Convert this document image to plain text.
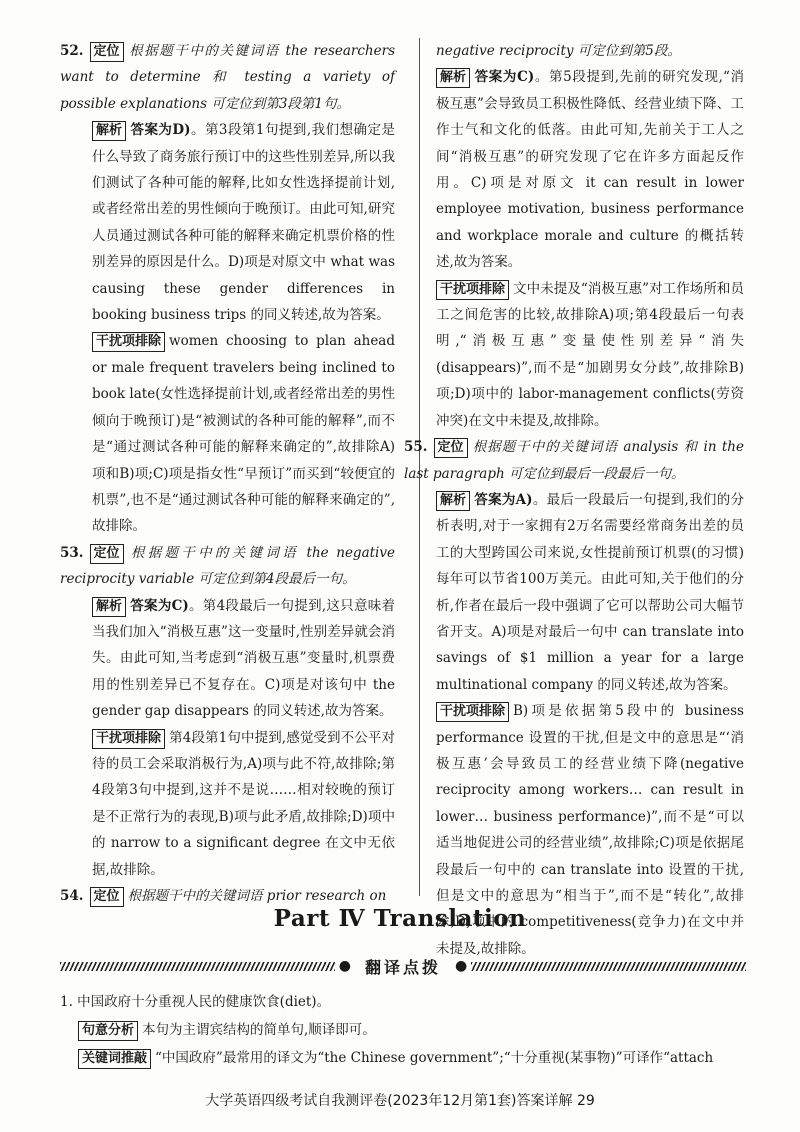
52. 定位 根据题干中的关键词语 the researchers want to determine 和 testing a variety of possible explanations 可定位到第3段第1句。

解析 答案为D)。第3段第1句提到,我们想确定是什么导致了商务旅行预订中的这些性别差异,所以我们测试了各种可能的解释,比如女性选择提前计划,或者经常出差的男性倾向于晚预订。由此可知,研究人员通过测试各种可能的解释来确定机票价格的性别差异的原因是什么。D)项是对原文中 what was causing these gender differences in booking business trips 的同义转述,故为答案。

干扰项排除 women choosing to plan ahead or male frequent travelers being inclined to book late(女性选择提前计划,或者经常出差的男性倾向于晚预订)是“被测试的各种可能的解释”,而不是“通过测试各种可能的解释来确定的”,故排除A)项和B)项;C)项是指女性“早预订”而买到“较便宜的机票”,也不是“通过测试各种可能的解释来确定的”,故排除。

53. 定位 根据题干中的关键词语 the negative reciprocity variable 可定位到第4段最后一句。

解析 答案为C)。第4段最后一句提到,这只意味着当我们加入“消极互惠”这一变量时,性别差异就会消失。由此可知,当考虑到“消极互惠”变量时,机票费用的性别差异已不复存在。C)项是对该句中 the gender gap disappears 的同义转述,故为答案。

干扰项排除 第4段第1句中提到,感觉受到不公平对待的员工会采取消极行为,A)项与此不符,故排除;第4段第3句中提到,这并不是说……相对较晚的预订是不正常行为的表现,B)项与此矛盾,故排除;D)项中的 narrow to a significant degree 在文中无依据,故排除。

54. 定位 根据题干中的关键词语 prior research on

negative reciprocity 可定位到第5段。

解析 答案为C)。第5段提到,先前的研究发现,“消极互惠”会导致员工积极性降低、经营业绩下降、工作士气和文化的低落。由此可知,先前关于工人之间“消极互惠”的研究发现了它在许多方面起反作用。C)项是对原文 it can result in lower employee motivation, business performance and workplace morale and culture 的概括转述,故为答案。

干扰项排除 文中未提及“消极互惠”对工作场所和员工之间危害的比较,故排除A)项;第4段最后一句表明,“消极互惠”变量使性别差异“消失(disappears)”,而不是“加剧男女分歧”,故排除B)项;D)项中的 labor-management conflicts(劳资冲突)在文中未提及,故排除。

55. 定位 根据题干中的关键词语 analysis 和 in the last paragraph 可定位到最后一段最后一句。

解析 答案为A)。最后一段最后一句提到,我们的分析表明,对于一家拥有2万名需要经常商务出差的员工的大型跨国公司来说,女性提前预订机票(的习惯)每年可以节省100万美元。由此可知,关于他们的分析,作者在最后一段中强调了它可以帮助公司大幅节省开支。A)项是对最后一句中 can translate into savings of $1 million a year for a large multinational company 的同义转述,故为答案。

干扰项排除 B)项是依据第5段中的 business performance 设置的干扰,但是文中的意思是“‘消极互惠’会导致员工的经营业绩下降(negative reciprocity among workers… can result in lower… business performance)”,而不是“可以适当地促进公司的经营业绩”,故排除;C)项是依据尾段最后一句中的 can translate into 设置的干扰,但是文中的意思为“相当于”,而不是“转化”,故排除;D)项中的 competitiveness(竞争力)在文中并未提及,故排除。

Part Ⅳ Translation
● 翻译点拨	●

1. 中国政府十分重视人民的健康饮食(diet)。

句意分析 本句为主谓宾结构的简单句,顺译即可。

关键词推敲 “中国政府”最常用的译文为“the Chinese government”;“十分重视(某事物)”可译作“attach

大学英语四级考试自我测评卷(2023年12月第1套)答案详解 29
